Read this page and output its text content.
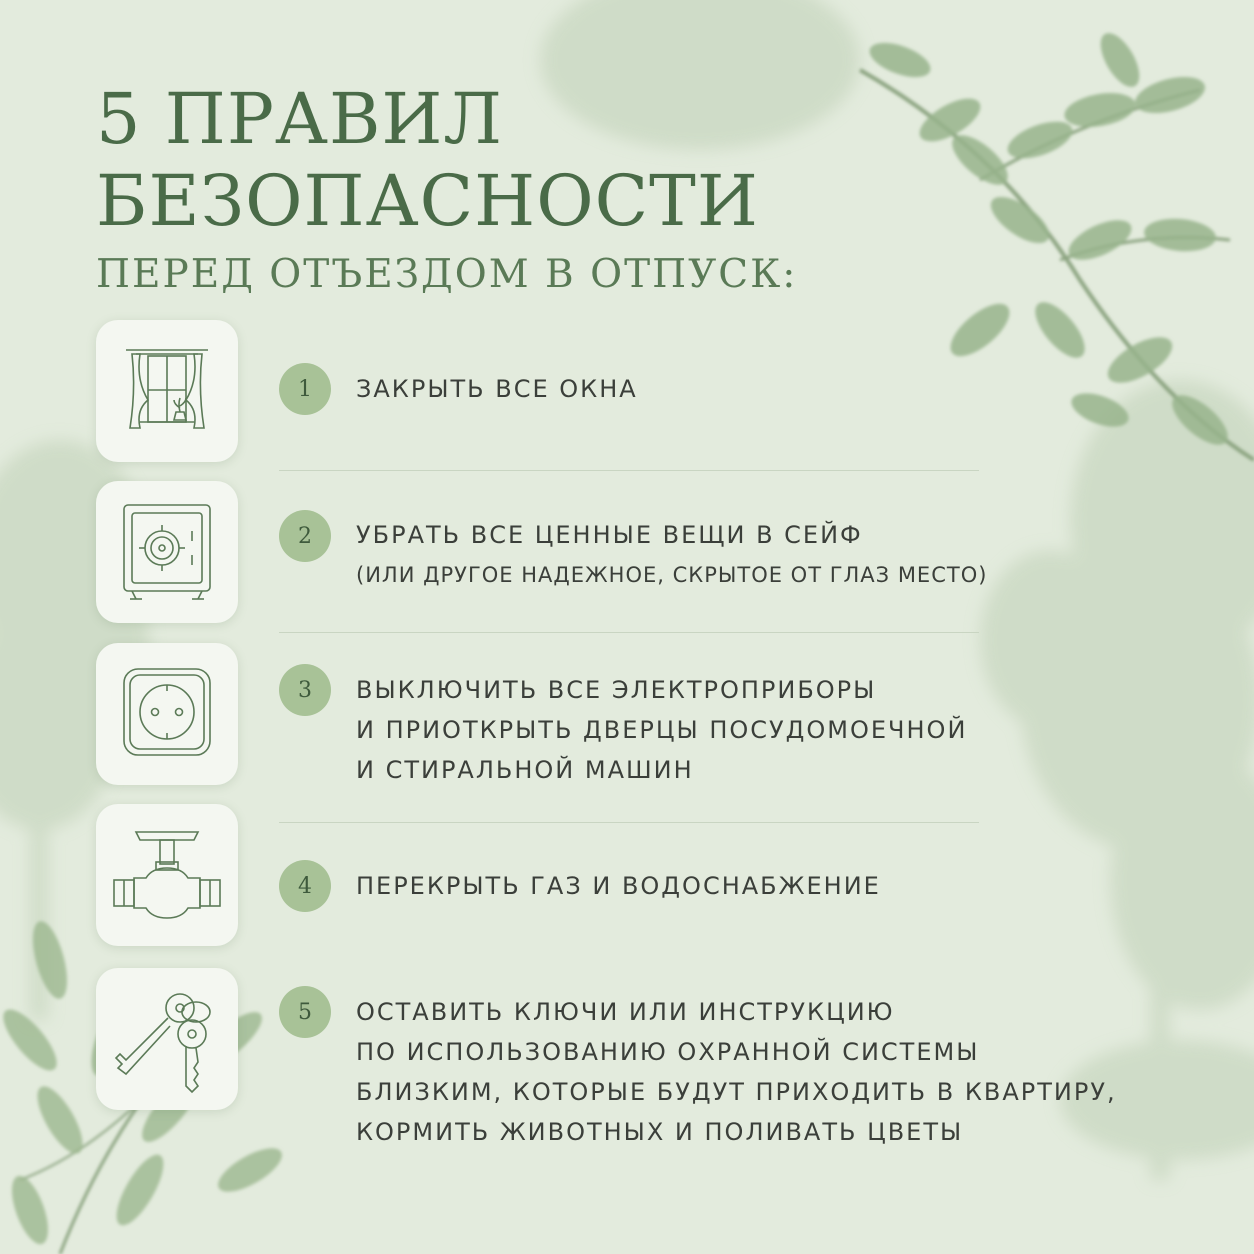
5 ПРАВИЛ
БЕЗОПАСНОСТИ
ПЕРЕД ОТЪЕЗДОМ В ОТПУСК:
1	ЗАКРЫТЬ ВСЕ ОКНА
2	УБРАТЬ ВСЕ ЦЕННЫЕ ВЕЩИ В СЕЙФ
(ИЛИ ДРУГОЕ НАДЕЖНОЕ, СКРЫТОЕ ОТ ГЛАЗ МЕСТО)
3	ВЫКЛЮЧИТЬ ВСЕ ЭЛЕКТРОПРИБОРЫ
И ПРИОТКРЫТЬ ДВЕРЦЫ ПОСУДОМОЕЧНОЙ
И СТИРАЛЬНОЙ МАШИН
4	ПЕРЕКРЫТЬ ГАЗ И ВОДОСНАБЖЕНИЕ
5	ОСТАВИТЬ КЛЮЧИ ИЛИ ИНСТРУКЦИЮ
ПО ИСПОЛЬЗОВАНИЮ ОХРАННОЙ СИСТЕМЫ
БЛИЗКИМ, КОТОРЫЕ БУДУТ ПРИХОДИТЬ В КВАРТИРУ,
КОРМИТЬ ЖИВОТНЫХ И ПОЛИВАТЬ ЦВЕТЫ
